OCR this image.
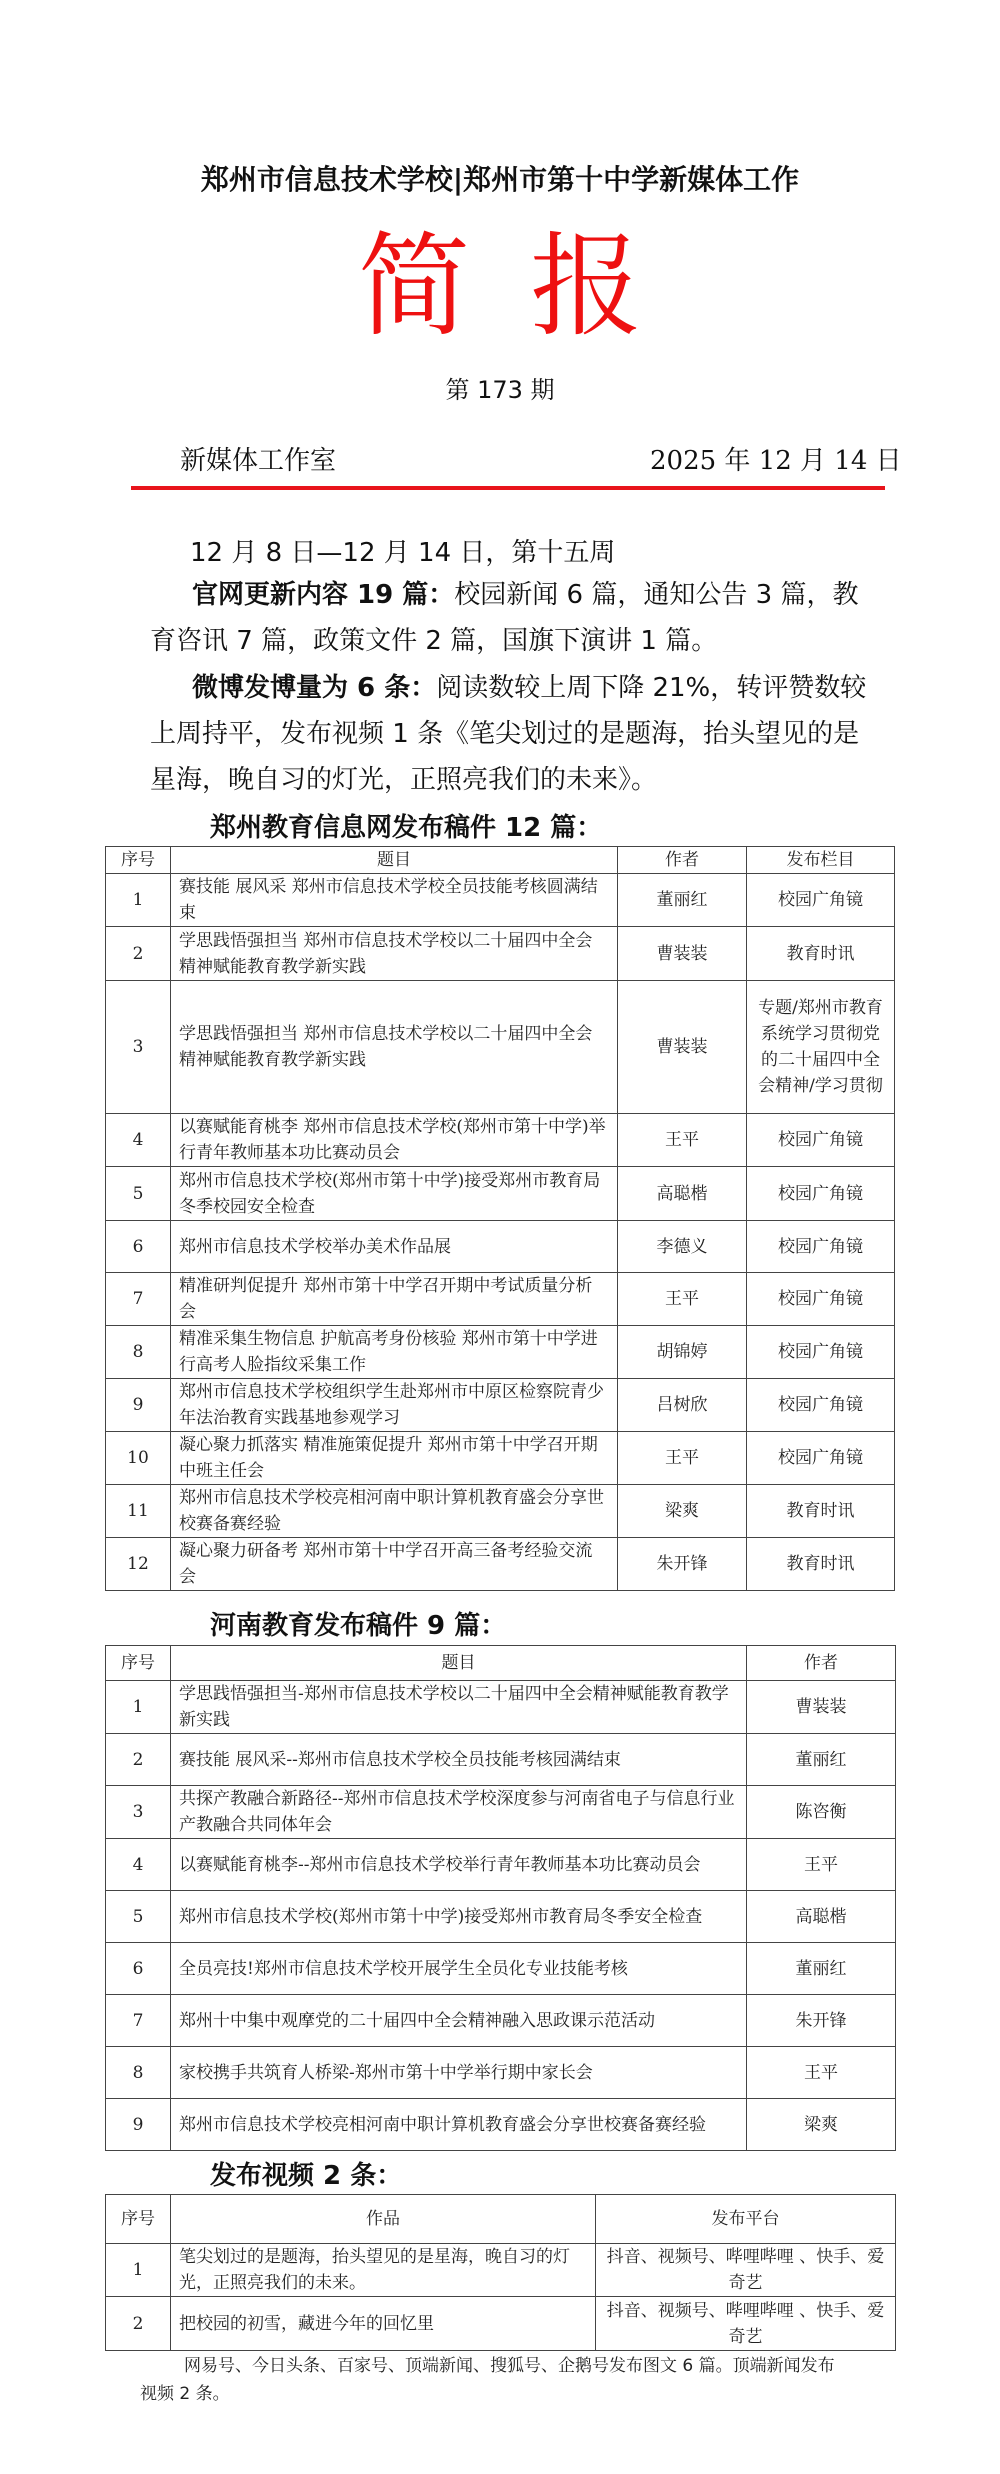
郑州市信息技术学校|郑州市第十中学新媒体工作
简报
第 173 期
新媒体工作室	2025 年 12 月 14 日
12 月 8 日—12 月 14 日，第十五周
官网更新内容 19 篇：校园新闻 6 篇，通知公告 3 篇，教育咨讯 7 篇，政策文件 2 篇，国旗下演讲 1 篇。
微博发博量为 6 条：阅读数较上周下降 21%，转评赞数较上周持平，发布视频 1 条《笔尖划过的是题海，抬头望见的是星海，晚自习的灯光，正照亮我们的未来》。
郑州教育信息网发布稿件 12 篇：
序号	题目	作者	发布栏目
1	赛技能 展风采 郑州市信息技术学校全员技能考核圆满结束	董丽红	校园广角镜
2	学思践悟强担当 郑州市信息技术学校以二十届四中全会精神赋能教育教学新实践	曹装装	教育时讯
3	学思践悟强担当 郑州市信息技术学校以二十届四中全会精神赋能教育教学新实践	曹装装	专题/郑州市教育系统学习贯彻党的二十届四中全会精神/学习贯彻
4	以赛赋能育桃李 郑州市信息技术学校(郑州市第十中学)举行青年教师基本功比赛动员会	王平	校园广角镜
5	郑州市信息技术学校(郑州市第十中学)接受郑州市教育局冬季校园安全检查	高聪楷	校园广角镜
6	郑州市信息技术学校举办美术作品展	李德义	校园广角镜
7	精准研判促提升 郑州市第十中学召开期中考试质量分析会	王平	校园广角镜
8	精准采集生物信息 护航高考身份核验 郑州市第十中学进行高考人脸指纹采集工作	胡锦婷	校园广角镜
9	郑州市信息技术学校组织学生赴郑州市中原区检察院青少年法治教育实践基地参观学习	吕树欣	校园广角镜
10	凝心聚力抓落实 精准施策促提升 郑州市第十中学召开期中班主任会	王平	校园广角镜
11	郑州市信息技术学校亮相河南中职计算机教育盛会分享世校赛备赛经验	梁爽	教育时讯
12	凝心聚力研备考 郑州市第十中学召开高三备考经验交流会	朱开锋	教育时讯
河南教育发布稿件 9 篇：
序号	题目	作者
1	学思践悟强担当-郑州市信息技术学校以二十届四中全会精神赋能教育教学新实践	曹装装
2	赛技能 展风采--郑州市信息技术学校全员技能考核园满结束	董丽红
3	共探产教融合新路径--郑州市信息技术学校深度参与河南省电子与信息行业产教融合共同体年会	陈咨衡
4	以赛赋能育桃李--郑州市信息技术学校举行青年教师基本功比赛动员会	王平
5	郑州市信息技术学校(郑州市第十中学)接受郑州市教育局冬季安全检查	高聪楷
6	全员亮技!郑州市信息技术学校开展学生全员化专业技能考核	董丽红
7	郑州十中集中观摩党的二十届四中全会精神融入思政课示范活动	朱开锋
8	家校携手共筑育人桥梁-郑州市第十中学举行期中家长会	王平
9	郑州市信息技术学校亮相河南中职计算机教育盛会分享世校赛备赛经验	梁爽
发布视频 2 条：
序号	作品	发布平台
1	笔尖划过的是题海，抬头望见的是星海，晚自习的灯光，正照亮我们的未来。	抖音、视频号、哔哩哔哩 、快手、爱奇艺
2	把校园的初雪，藏进今年的回忆里	抖音、视频号、哔哩哔哩 、快手、爱奇艺
网易号、今日头条、百家号、顶端新闻、搜狐号、企鹅号发布图文 6 篇。顶端新闻发布
视频 2 条。
